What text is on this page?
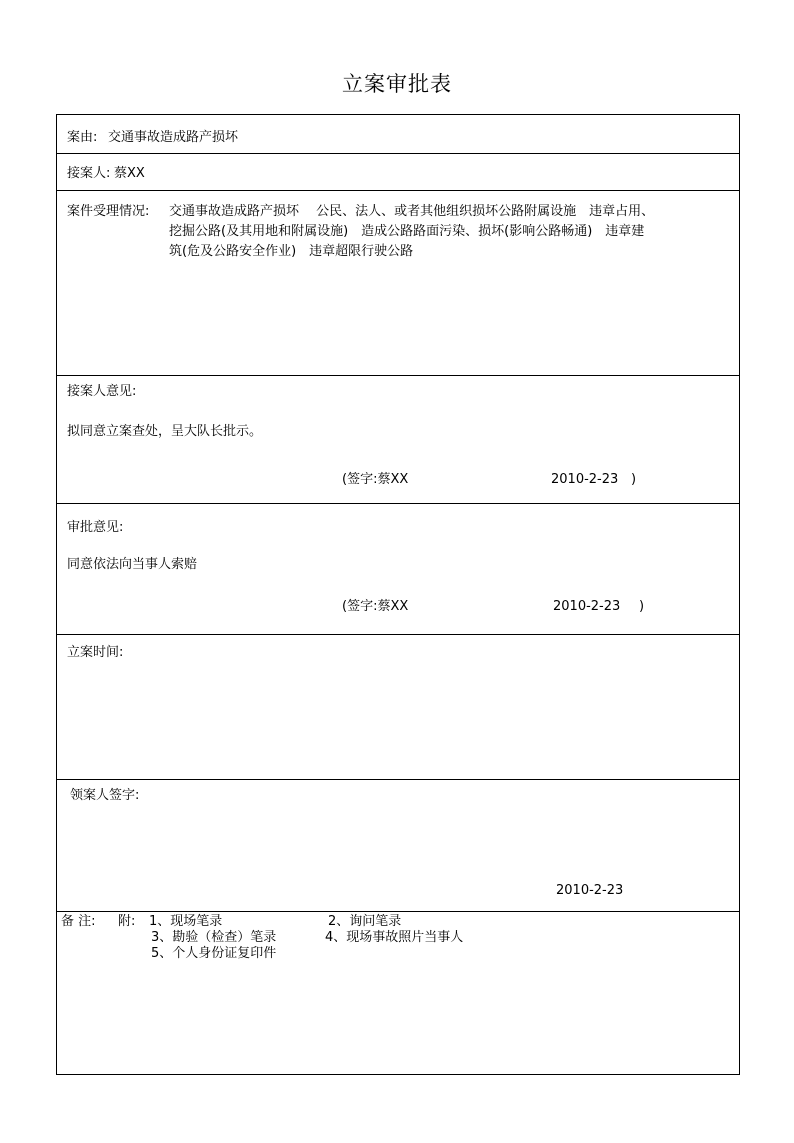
立案审批表
案由: 交通事故造成路产损坏
接案人: 蔡XX
案件受理情况: 交通事故造成路产损坏　 公民、法人、或者其他组织损坏公路附属设施　违章占用、
挖掘公路(及其用地和附属设施)　造成公路路面污染、损坏(影响公路畅通)　违章建
筑(危及公路安全作业)　违章超限行驶公路
接案人意见:
拟同意立案查处，呈大队长批示。
(签字:蔡XX	2010-2-23 )
审批意见:
同意依法向当事人索赔
(签字:蔡XX	2010-2-23 )
立案时间:
领案人签字:
2010-2-23
备 注: 附: 1、现场笔录	2、询问笔录
3、勘验（检查）笔录	4、现场事故照片当事人
5、个人身份证复印件
